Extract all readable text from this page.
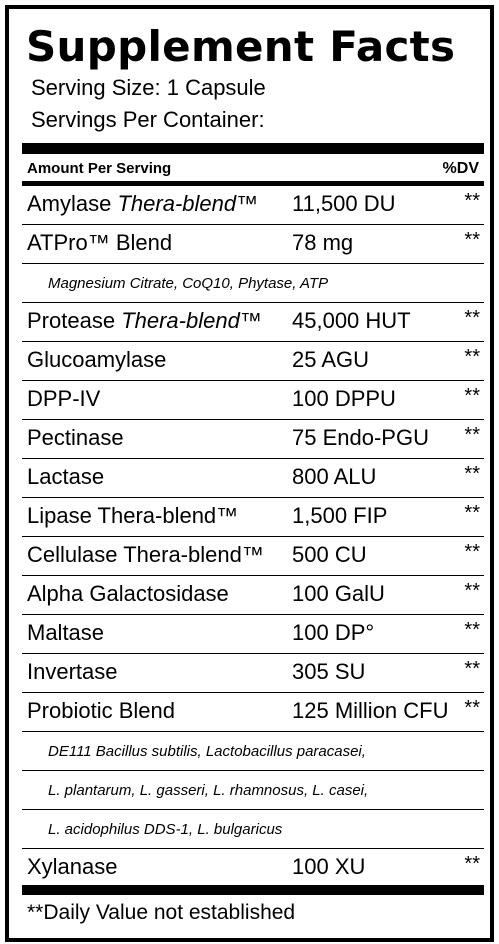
Supplement Facts
Serving Size: 1 Capsule
Servings Per Container:
Amount Per Serving	%DV
Amylase Thera-blend™ 11,500 DU	**
ATPro™ Blend	78 mg	**
Magnesium Citrate, CoQ10, Phytase, ATP
Protease Thera-blend™ 45,000 HUT	**
Glucoamylase	25 AGU	**
DPP-IV	100 DPPU	**
Pectinase	75 Endo-PGU **
Lactase	800 ALU	**
Lipase Thera-blend™ 1,500 FIP	**
Cellulase Thera-blend™ 500 CU	**
Alpha Galactosidase	100 GalU	**
Maltase	100 DP°	**
Invertase	305 SU	**
Probiotic Blend	125 Million CFU **
DE111 Bacillus subtilis, Lactobacillus paracasei,
L. plantarum, L. gasseri, L. rhamnosus, L. casei,
L. acidophilus DDS-1, L. bulgaricus
Xylanase	100 XU	**
**Daily Value not established
